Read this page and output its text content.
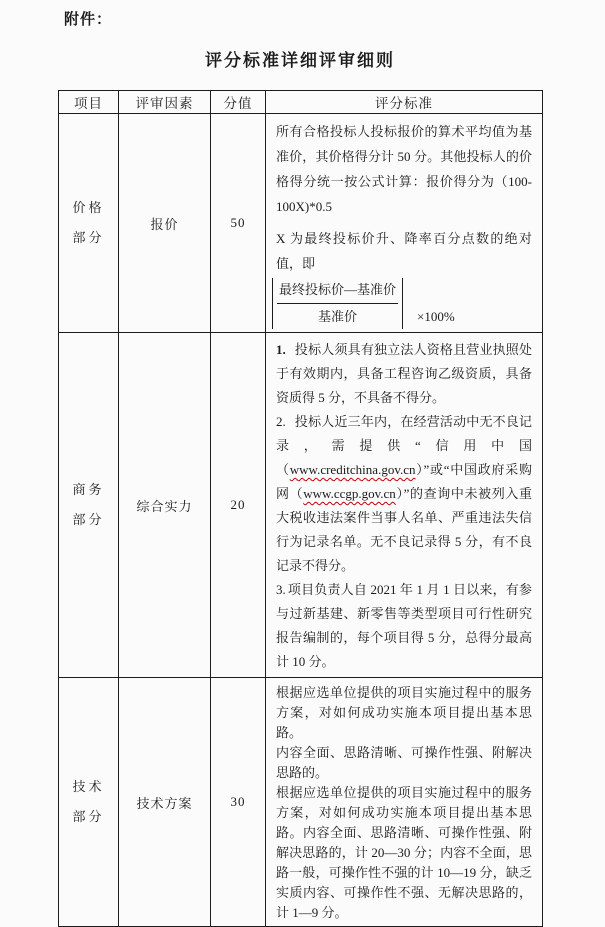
附件：
评分标准详细评审细则
项目	评审因素	分值	评分标准

价格部分	报价	50	所有合格投标人投标报价的算术平均值为基准价，其价格得分计 50 分。其他投标人的价格得分统一按公式计算：报价得分为（100-100X)*0.5

X 为最终投标价升、降率百分点数的绝对值，即

$\frac{\text{最终投标价—基准价}}{\text{基准价}} \times 100\%$

商务部分	综合实力	20	1. 投标人须具有独立法人资格且营业执照处于有效期内，具备工程咨询乙级资质，具备资质得 5 分，不具备不得分。

2. 投标人近三年内，在经营活动中无不良记录，需提供“信用中国（www.creditchina.gov.cn）”或“中国政府采购网（www.ccgp.gov.cn）”的查询中未被列入重大税收违法案件当事人名单、严重违法失信行为记录名单。无不良记录得 5 分，有不良记录不得分。

3. 项目负责人自 2021 年 1 月 1 日以来，有参与过新基建、新零售等类型项目可行性研究报告编制的，每个项目得 5 分，总得分最高计 10 分。

技术部分	技术方案	30	根据应选单位提供的项目实施过程中的服务方案，对如何成功实施本项目提出基本思路。

内容全面、思路清晰、可操作性强、附解决思路的。

根据应选单位提供的项目实施过程中的服务方案，对如何成功实施本项目提出基本思路。内容全面、思路清晰、可操作性强、附解决思路的，计 20—30 分；内容不全面，思路一般，可操作性不强的计 10—19 分，缺乏实质内容、可操作性不强、无解决思路的，计 1—9 分。
